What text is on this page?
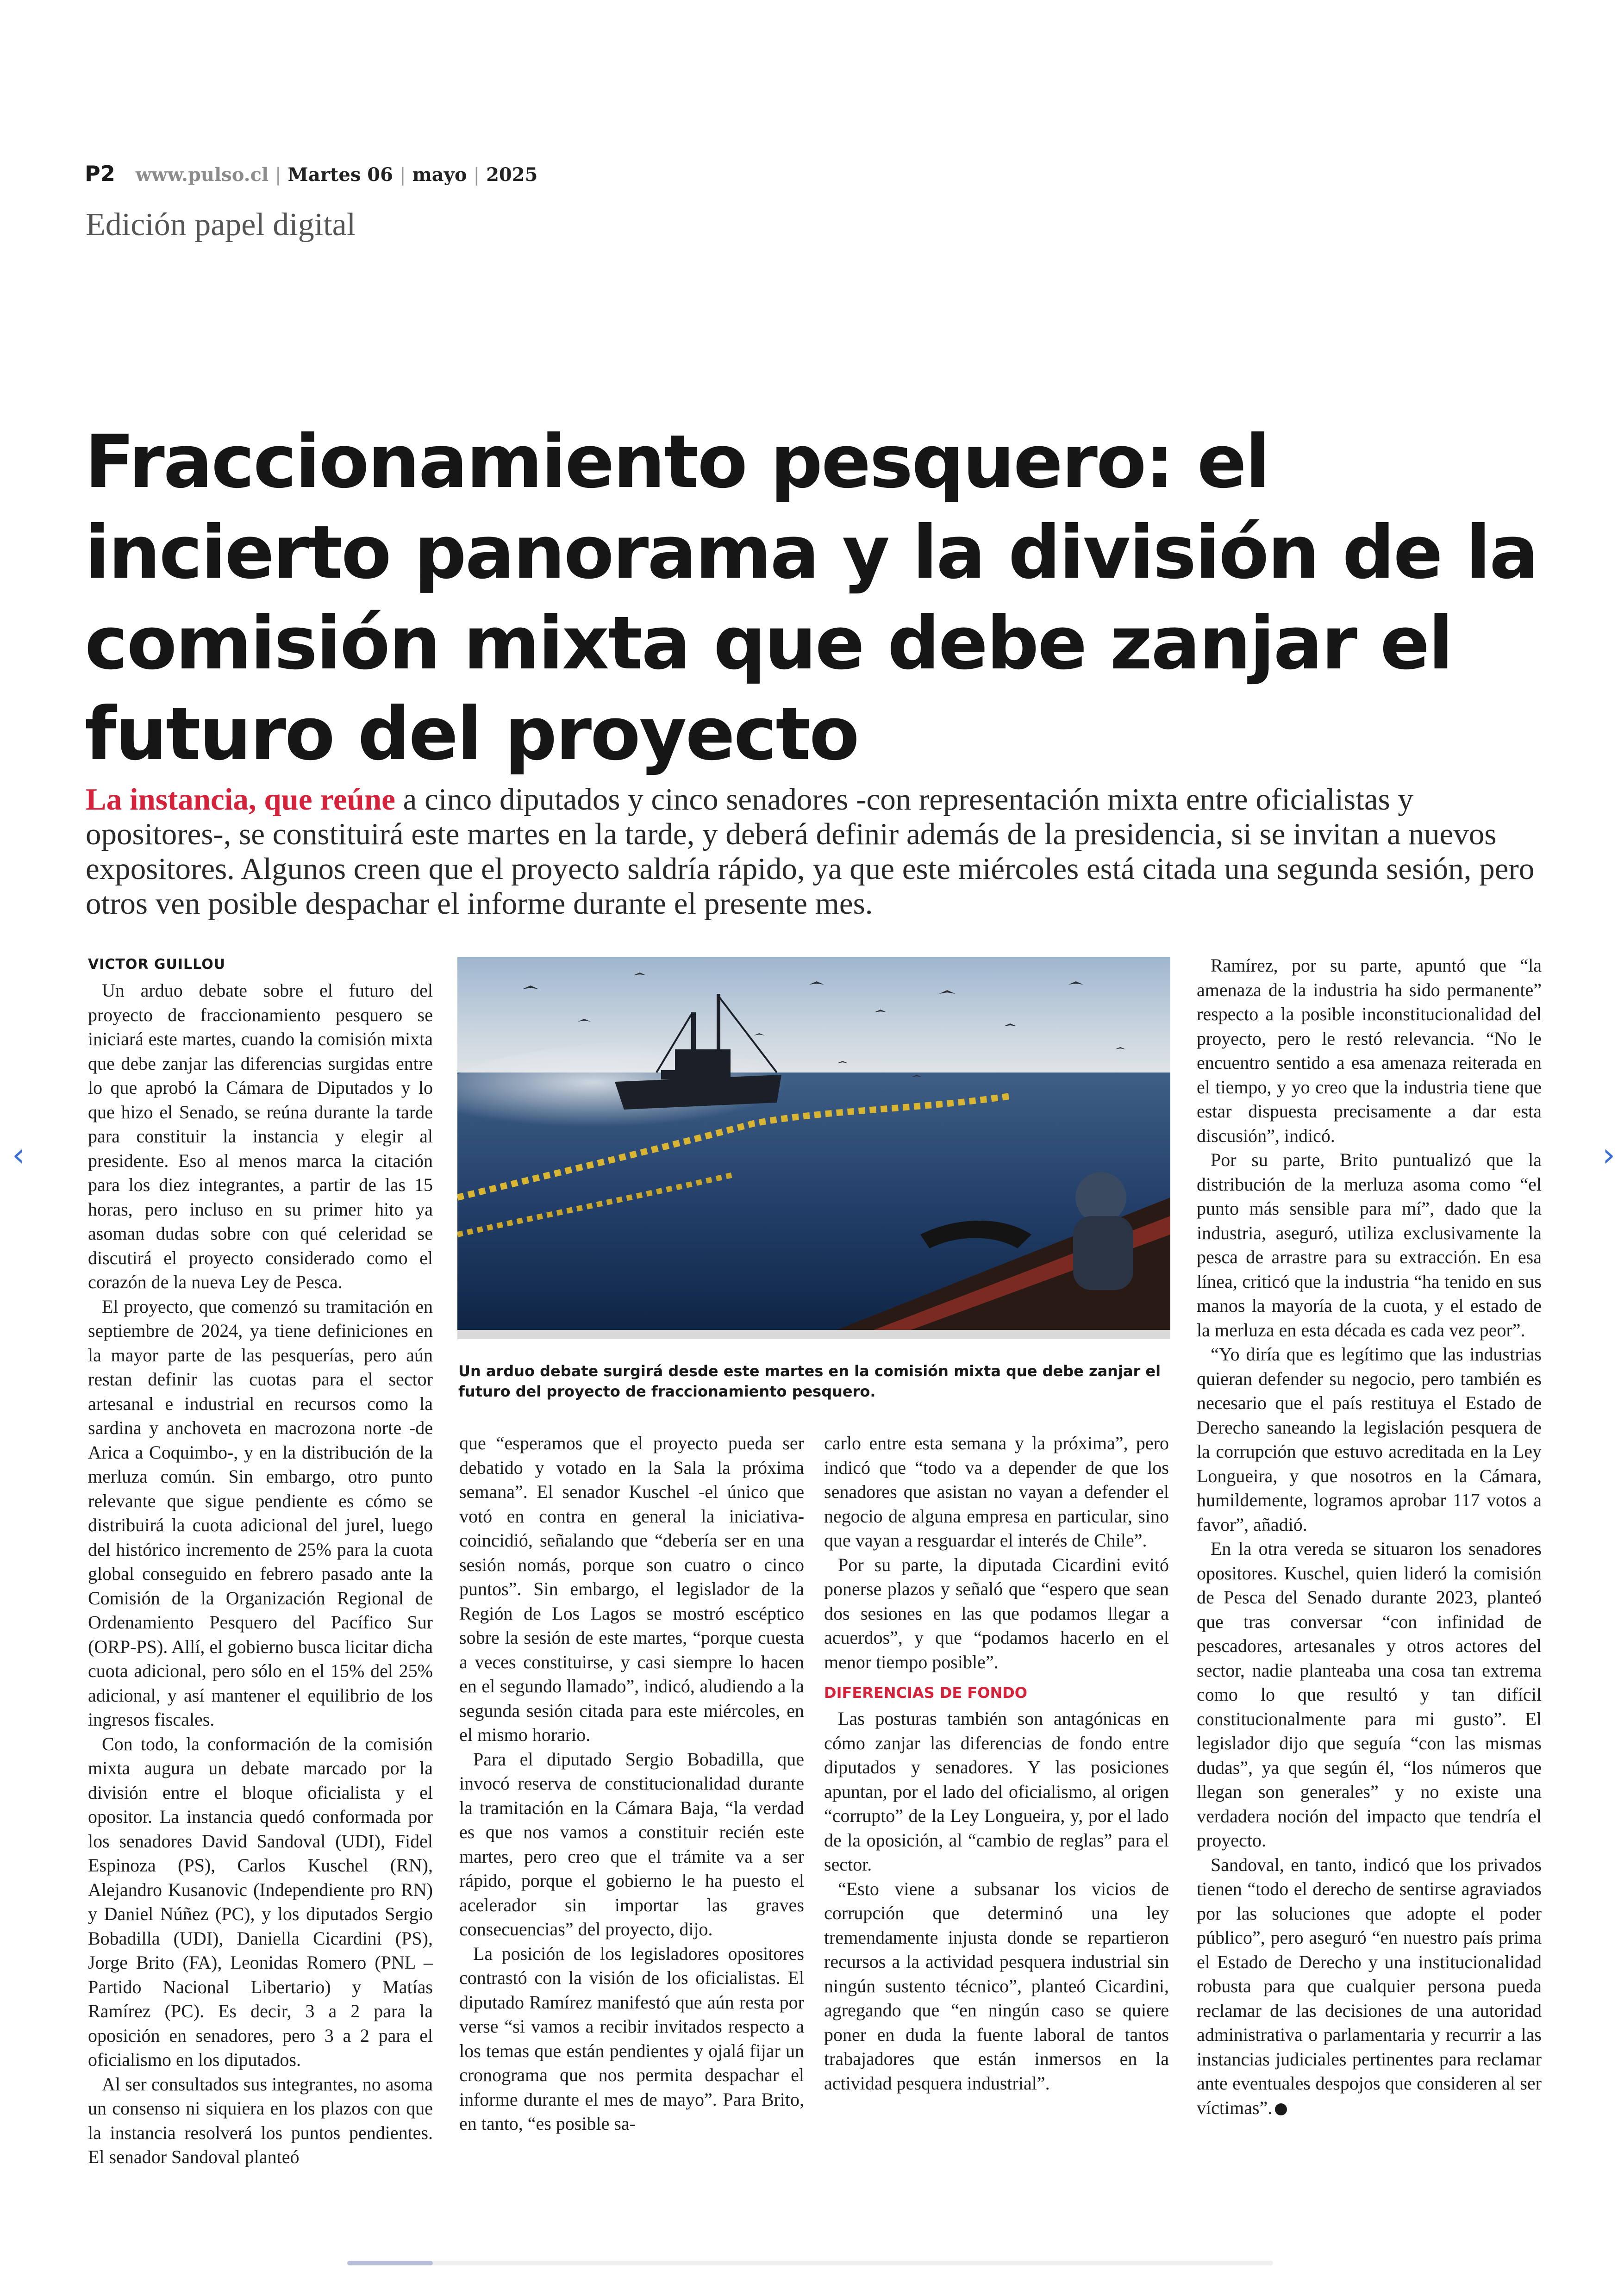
P2 www.pulso.cl | Martes 06 | mayo | 2025
Edición papel digital
Fraccionamiento pesquero: el incierto panorama y la división de la comisión mixta que debe zanjar el futuro del proyecto

La instancia, que reúne a cinco diputados y cinco senadores -con representación mixta entre oficialistas y opositores-, se constituirá este martes en la tarde, y deberá definir además de la presidencia, si se invitan a nuevos expositores. Algunos creen que el proyecto saldría rápido, ya que este miércoles está citada una segunda sesión, pero otros ven posible despachar el informe durante el presente mes.

VICTOR GUILLOU

Un arduo debate sobre el futuro del proyecto de fraccionamiento pesquero se iniciará este martes, cuando la comisión mixta que debe zanjar las diferencias surgidas entre lo que aprobó la Cámara de Diputados y lo que hizo el Senado, se reúna durante la tarde para constituir la instancia y elegir al presidente. Eso al menos marca la citación para los diez integrantes, a partir de las 15 horas, pero incluso en su primer hito ya asoman dudas sobre con qué celeridad se discutirá el proyecto considerado como el corazón de la nueva Ley de Pesca.

El proyecto, que comenzó su tramitación en septiembre de 2024, ya tiene definiciones en la mayor parte de las pesquerías, pero aún restan definir las cuotas para el sector artesanal e industrial en recursos como la sardina y anchoveta en macrozona norte -de Arica a Coquimbo-, y en la distribución de la merluza común. Sin embargo, otro punto relevante que sigue pendiente es cómo se distribuirá la cuota adicional del jurel, luego del histórico incremento de 25% para la cuota global conseguido en febrero pasado ante la Comisión de la Organización Regional de Ordenamiento Pesquero del Pacífico Sur (ORP-PS). Allí, el gobierno busca licitar dicha cuota adicional, pero sólo en el 15% del 25% adicional, y así mantener el equilibrio de los ingresos fiscales.

Con todo, la conformación de la comisión mixta augura un debate marcado por la división entre el bloque oficialista y el opositor. La instancia quedó conformada por los senadores David Sandoval (UDI), Fidel Espinoza (PS), Carlos Kuschel (RN), Alejandro Kusanovic (Independiente pro RN) y Daniel Núñez (PC), y los diputados Sergio Bobadilla (UDI), Daniella Cicardini (PS), Jorge Brito (FA), Leonidas Romero (PNL – Partido Nacional Libertario) y Matías Ramírez (PC). Es decir, 3 a 2 para la oposición en senadores, pero 3 a 2 para el oficialismo en los diputados.

Al ser consultados sus integrantes, no asoma un consenso ni siquiera en los plazos con que la instancia resolverá los puntos pendientes. El senador Sandoval planteó

Un arduo debate surgirá desde este martes en la comisión mixta que debe zanjar el futuro del proyecto de fraccionamiento pesquero.

que “esperamos que el proyecto pueda ser debatido y votado en la Sala la próxima semana”. El senador Kuschel -el único que votó en contra en general la iniciativa- coincidió, señalando que “debería ser en una sesión nomás, porque son cuatro o cinco puntos”. Sin embargo, el legislador de la Región de Los Lagos se mostró escéptico sobre la sesión de este martes, “porque cuesta a veces constituirse, y casi siempre lo hacen en el segundo llamado”, indicó, aludiendo a la segunda sesión citada para este miércoles, en el mismo horario.

Para el diputado Sergio Bobadilla, que invocó reserva de constitucionalidad durante la tramitación en la Cámara Baja, “la verdad es que nos vamos a constituir recién este martes, pero creo que el trámite va a ser rápido, porque el gobierno le ha puesto el acelerador sin importar las graves consecuencias” del proyecto, dijo.

La posición de los legisladores opositores contrastó con la visión de los oficialistas. El diputado Ramírez manifestó que aún resta por verse “si vamos a recibir invitados respecto a los temas que están pendientes y ojalá fijar un cronograma que nos permita despachar el informe durante el mes de mayo”. Para Brito, en tanto, “es posible sa-

carlo entre esta semana y la próxima”, pero indicó que “todo va a depender de que los senadores que asistan no vayan a defender el negocio de alguna empresa en particular, sino que vayan a resguardar el interés de Chile”.

Por su parte, la diputada Cicardini evitó ponerse plazos y señaló que “espero que sean dos sesiones en las que podamos llegar a acuerdos”, y que “podamos hacerlo en el menor tiempo posible”.

DIFERENCIAS DE FONDO

Las posturas también son antagónicas en cómo zanjar las diferencias de fondo entre diputados y senadores. Y las posiciones apuntan, por el lado del oficialismo, al origen “corrupto” de la Ley Longueira, y, por el lado de la oposición, al “cambio de reglas” para el sector.

“Esto viene a subsanar los vicios de corrupción que determinó una ley tremendamente injusta donde se repartieron recursos a la actividad pesquera industrial sin ningún sustento técnico”, planteó Cicardini, agregando que “en ningún caso se quiere poner en duda la fuente laboral de tantos trabajadores que están inmersos en la actividad pesquera industrial”.

Ramírez, por su parte, apuntó que “la amenaza de la industria ha sido permanente” respecto a la posible inconstitucionalidad del proyecto, pero le restó relevancia. “No le encuentro sentido a esa amenaza reiterada en el tiempo, y yo creo que la industria tiene que estar dispuesta precisamente a dar esta discusión”, indicó.

Por su parte, Brito puntualizó que la distribución de la merluza asoma como “el punto más sensible para mí”, dado que la industria, aseguró, utiliza exclusivamente la pesca de arrastre para su extracción. En esa línea, criticó que la industria “ha tenido en sus manos la mayoría de la cuota, y el estado de la merluza en esta década es cada vez peor”.

“Yo diría que es legítimo que las industrias quieran defender su negocio, pero también es necesario que el país restituya el Estado de Derecho saneando la legislación pesquera de la corrupción que estuvo acreditada en la Ley Longueira, y que nosotros en la Cámara, humildemente, logramos aprobar 117 votos a favor”, añadió.

En la otra vereda se situaron los senadores opositores. Kuschel, quien lideró la comisión de Pesca del Senado durante 2023, planteó que tras conversar “con infinidad de pescadores, artesanales y otros actores del sector, nadie planteaba una cosa tan extrema como lo que resultó y tan difícil constitucionalmente para mi gusto”. El legislador dijo que seguía “con las mismas dudas”, ya que según él, “los números que llegan son generales” y no existe una verdadera noción del impacto que tendría el proyecto.

Sandoval, en tanto, indicó que los privados tienen “todo el derecho de sentirse agraviados por las soluciones que adopte el poder público”, pero aseguró “en nuestro país prima el Estado de Derecho y una institucionalidad robusta para que cualquier persona pueda reclamar de las decisiones de una autoridad administrativa o parlamentaria y recurrir a las instancias judiciales pertinentes para reclamar ante eventuales despojos que consideren al ser víctimas”.

‹	›
